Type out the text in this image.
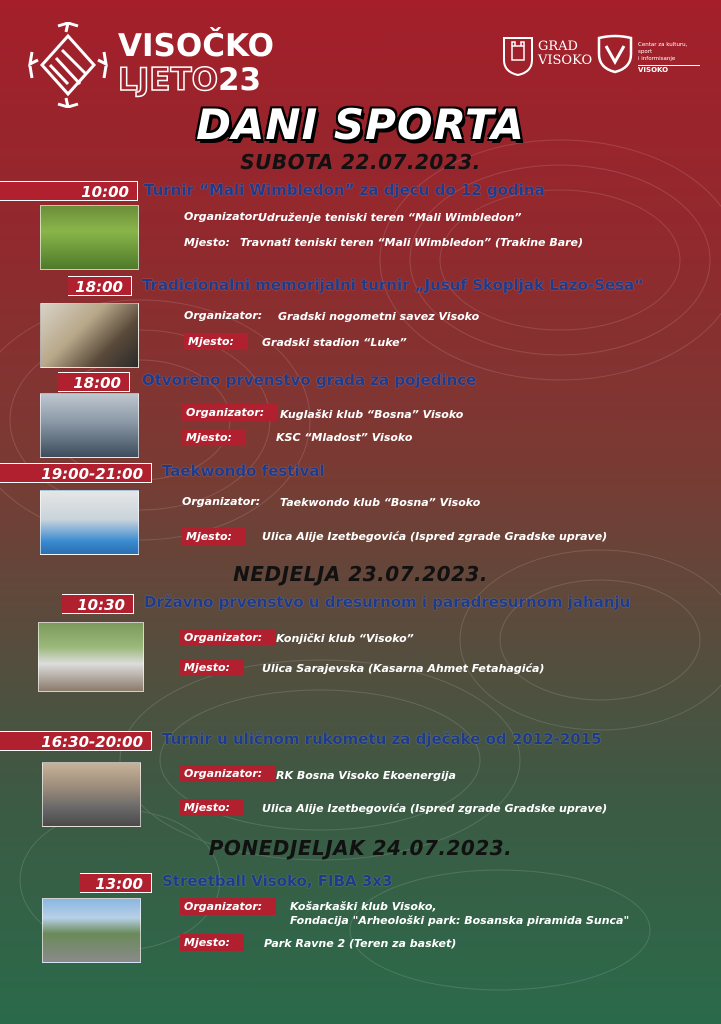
VISOČKO
LJETO23
GRAD
VISOKO
Centar za kulturu, sport
i informisanje
VISOKO
DANI SPORTA
SUBOTA 22.07.2023.
NEDJELJA 23.07.2023.
PONEDJELJAK 24.07.2023.
10:00	Turnir “Mali Wimbledon” za djecu do 12 godina
Organizator:
Udruženje teniski teren “Mali Wimbledon”
Mjesto: Travnati teniski teren “Mali Wimbledon” (Trakine Bare)
18:00	Tradicionalni memorijalni turnir „Jusuf Skopljak Lazo-Sesa“
Organizator: Gradski nogometni savez Visoko
Mjesto:	Gradski stadion “Luke”
18:00	Otvoreno prvenstvo grada za pojedince
Organizator:	Kuglaški klub “Bosna” Visoko
Mjesto:	KSC “Mladost” Visoko
19:00-21:00	Taekwondo festival
Organizator: Taekwondo klub “Bosna” Visoko
Mjesto:	Ulica Alije Izetbegovića (Ispred zgrade Gradske uprave)
10:30	Državno prvenstvo u dresurnom i paradresurnom jahanju
Organizator:	Konjički klub “Visoko”
Mjesto:	Ulica Sarajevska (Kasarna Ahmet Fetahagića)
16:30-20:00	Turnir u uličnom rukometu za dječake od 2012-2015
Organizator:	RK Bosna Visoko Ekoenergija
Mjesto:	Ulica Alije Izetbegovića (Ispred zgrade Gradske uprave)
13:00	Streetball Visoko, FIBA 3x3
Organizator:	Košarkaški klub Visoko,
Fondacija "Arheološki park: Bosanska piramida Sunca"
Mjesto:	Park Ravne 2 (Teren za basket)
